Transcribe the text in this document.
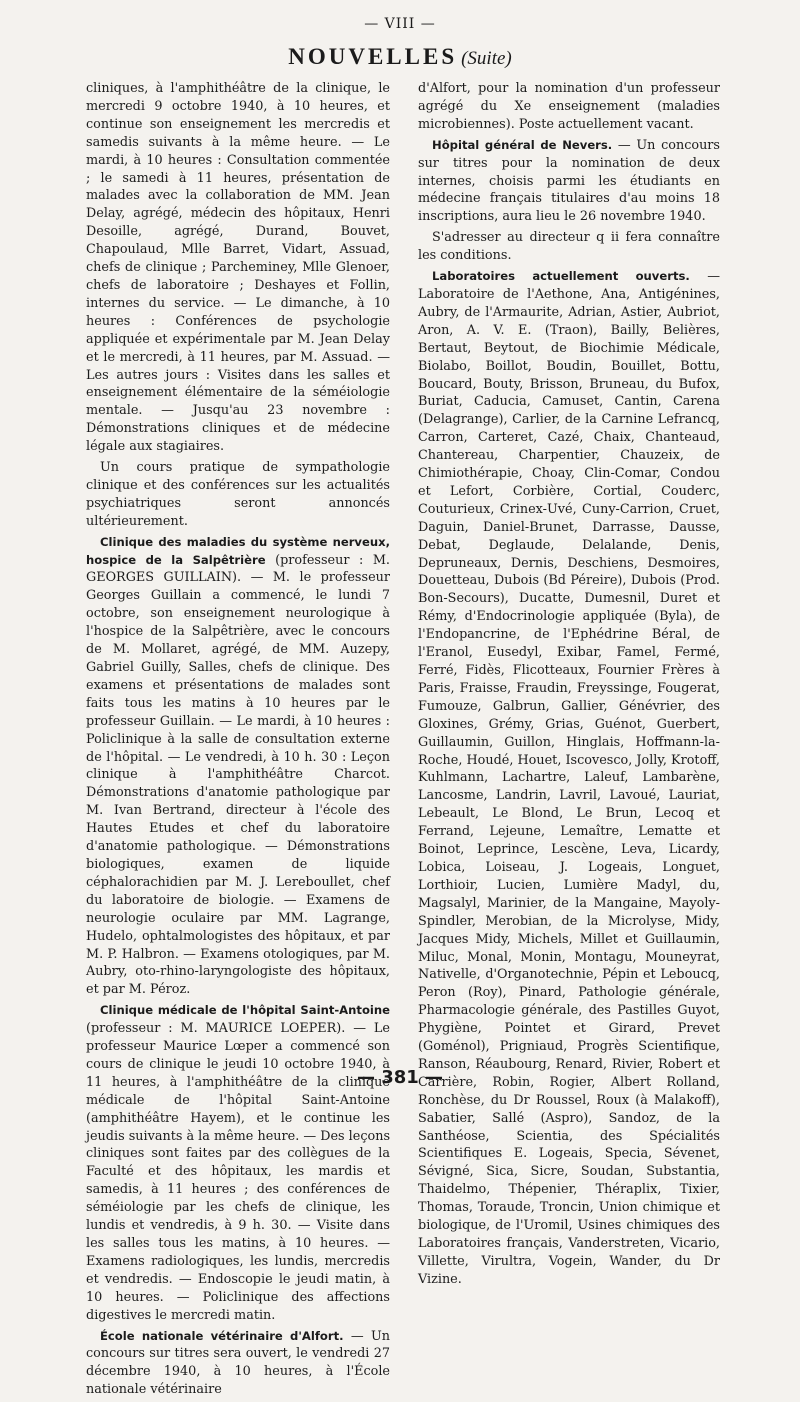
— VIII —
NOUVELLES (Suite)

cliniques, à l'amphithéâtre de la clinique, le mercredi 9 octobre 1940, à 10 heures, et continue son enseignement les mercredis et samedis suivants à la même heure. — Le mardi, à 10 heures : Consultation commentée ; le samedi à 11 heures, présentation de malades avec la collaboration de MM. Jean Delay, agrégé, médecin des hôpitaux, Henri Desoille, agrégé, Durand, Bouvet, Chapoulaud, Mlle Barret, Vidart, Assuad, chefs de clinique ; Parcheminey, Mlle Glenoer, chefs de laboratoire ; Deshayes et Follin, internes du service. — Le dimanche, à 10 heures : Conférences de psychologie appliquée et expérimentale par M. Jean Delay et le mercredi, à 11 heures, par M. Assuad. — Les autres jours : Visites dans les salles et enseignement élémentaire de la séméiologie mentale. — Jusqu'au 23 novembre : Démonstrations cliniques et de médecine légale aux stagiaires.

Un cours pratique de sympathologie clinique et des conférences sur les actualités psychiatriques seront annoncés ultérieurement.

Clinique des maladies du système nerveux, hospice de la Salpêtrière (professeur : M. GEORGES GUILLAIN). — M. le professeur Georges Guillain a commencé, le lundi 7 octobre, son enseignement neurologique à l'hospice de la Salpêtrière, avec le concours de M. Mollaret, agrégé, de MM. Auzepy, Gabriel Guilly, Salles, chefs de clinique. Des examens et présentations de malades sont faits tous les matins à 10 heures par le professeur Guillain. — Le mardi, à 10 heures : Policlinique à la salle de consultation externe de l'hôpital. — Le vendredi, à 10 h. 30 : Leçon clinique à l'amphithéâtre Charcot. Démonstrations d'anatomie pathologique par M. Ivan Bertrand, directeur à l'école des Hautes Etudes et chef du laboratoire d'anatomie pathologique. — Démonstrations biologiques, examen de liquide céphalorachidien par M. J. Lereboullet, chef du laboratoire de biologie. — Examens de neurologie oculaire par MM. Lagrange, Hudelo, ophtalmologistes des hôpitaux, et par M. P. Halbron. — Examens otologiques, par M. Aubry, oto-rhino-laryngologiste des hôpitaux, et par M. Péroz.

Clinique médicale de l'hôpital Saint-Antoine (professeur : M. MAURICE LOEPER). — Le professeur Maurice Lœper a commencé son cours de clinique le jeudi 10 octobre 1940, à 11 heures, à l'amphithéâtre de la clinique médicale de l'hôpital Saint-Antoine (amphithéâtre Hayem), et le continue les jeudis suivants à la même heure. — Des leçons cliniques sont faites par des collègues de la Faculté et des hôpitaux, les mardis et samedis, à 11 heures ; des conférences de séméiologie par les chefs de clinique, les lundis et vendredis, à 9 h. 30. — Visite dans les salles tous les matins, à 10 heures. — Examens radiologiques, les lundis, mercredis et vendredis. — Endoscopie le jeudi matin, à 10 heures. — Policlinique des affections digestives le mercredi matin.

École nationale vétérinaire d'Alfort. — Un concours sur titres sera ouvert, le vendredi 27 décembre 1940, à 10 heures, à l'École nationale vétérinaire

d'Alfort, pour la nomination d'un professeur agrégé du Xe enseignement (maladies microbiennes). Poste actuellement vacant.

Hôpital général de Nevers. — Un concours sur titres pour la nomination de deux internes, choisis parmi les étudiants en médecine français titulaires d'au moins 18 inscriptions, aura lieu le 26 novembre 1940.

S'adresser au directeur q ii fera connaître les conditions.

Laboratoires actuellement ouverts. — Laboratoire de l'Aethone, Ana, Antigénines, Aubry, de l'Armaurite, Adrian, Astier, Aubriot, Aron, A. V. E. (Traon), Bailly, Belières, Bertaut, Beytout, de Biochimie Médicale, Biolabo, Boillot, Boudin, Bouillet, Bottu, Boucard, Bouty, Brisson, Bruneau, du Bufox, Buriat, Caducia, Camuset, Cantin, Carena (Delagrange), Carlier, de la Carnine Lefrancq, Carron, Carteret, Cazé, Chaix, Chanteaud, Chantereau, Charpentier, Chauzeix, de Chimiothérapie, Choay, Clin-Comar, Condou et Lefort, Corbière, Cortial, Couderc, Couturieux, Crinex-Uvé, Cuny-Carrion, Cruet, Daguin, Daniel-Brunet, Darrasse, Dausse, Debat, Deglaude, Delalande, Denis, Depruneaux, Dernis, Deschiens, Desmoires, Douetteau, Dubois (Bd Péreire), Dubois (Prod. Bon-Secours), Ducatte, Dumesnil, Duret et Rémy, d'Endocrinologie appliquée (Byla), de l'Endopancrine, de l'Ephédrine Béral, de l'Eranol, Eusedyl, Exibar, Famel, Fermé, Ferré, Fidès, Flicotteaux, Fournier Frères à Paris, Fraisse, Fraudin, Freyssinge, Fougerat, Fumouze, Galbrun, Gallier, Génévrier, des Gloxines, Grémy, Grias, Guénot, Guerbert, Guillaumin, Guillon, Hinglais, Hoffmann-la-Roche, Houdé, Houet, Iscovesco, Jolly, Krotoff, Kuhlmann, Lachartre, Laleuf, Lambarène, Lancosme, Landrin, Lavril, Lavoué, Lauriat, Lebeault, Le Blond, Le Brun, Lecoq et Ferrand, Lejeune, Lemaître, Lematte et Boinot, Leprince, Lescène, Leva, Licardy, Lobica, Loiseau, J. Logeais, Longuet, Lorthioir, Lucien, Lumière Madyl, du, Magsalyl, Marinier, de la Mangaine, Mayoly-Spindler, Merobian, de la Microlyse, Midy, Jacques Midy, Michels, Millet et Guillaumin, Miluc, Monal, Monin, Montagu, Mouneyrat, Nativelle, d'Organotechnie, Pépin et Leboucq, Peron (Roy), Pinard, Pathologie générale, Pharmacologie générale, des Pastilles Guyot, Phygiène, Pointet et Girard, Prevet (Goménol), Prigniaud, Progrès Scientifique, Ranson, Réaubourg, Renard, Rivier, Robert et Carrière, Robin, Rogier, Albert Rolland, Ronchèse, du Dr Roussel, Roux (à Malakoff), Sabatier, Sallé (Aspro), Sandoz, de la Santhéose, Scientia, des Spécialités Scientifiques E. Logeais, Specia, Sévenet, Sévigné, Sica, Sicre, Soudan, Substantia, Thaidelmo, Thépenier, Théraplix, Tixier, Thomas, Toraude, Troncin, Union chimique et biologique, de l'Uromil, Usines chimiques des Laboratoires français, Vanderstreten, Vicario, Villette, Virultra, Vogein, Wander, du Dr Vizine.

— 381 —
